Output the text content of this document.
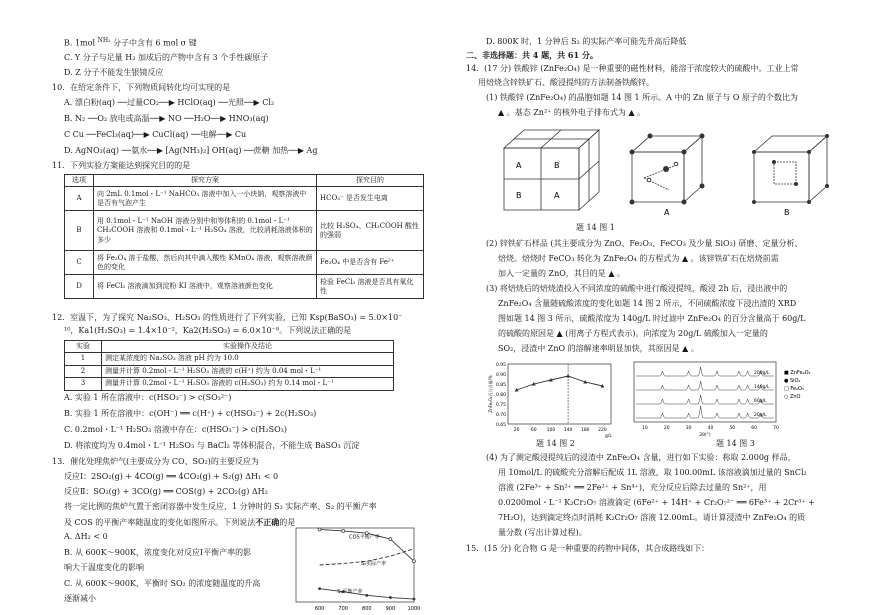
B. 1mol $^{NH_2}$ 分子中含有 6 mol σ 键
C. Y 分子与足量 H₂ 加成后的产物中含有 3 个手性碳原子
D. Z 分子不能发生银镜反应
10．在给定条件下，下列物质间转化均可实现的是
A. 漂白粉(aq) ──过量CO₂──▶ HClO(aq) ──光照──▶ Cl₂
B. N₂ ──O₂ 放电或高温──▶ NO ──H₂O──▶ HNO₃(aq)
C Cu ──FeCl₃(aq)──▶ CuCl(aq) ──电解──▶ Cu
D. AgNO₃(aq) ──氨水──▶ [Ag(NH₃)₂] OH(aq) ──蔗糖 加热──▶ Ag
11．下列实验方案能达到探究目的的是
选项	探究方案	探究目的
A	向 2mL 0.1mol・L⁻¹ NaHCO₃ 溶液中加入一小块钠，观察溶液中是否有气泡产生	HCO₃⁻ 是否发生电离
B	用 0.1mol・L⁻¹ NaOH 溶液分别中和等体积的 0.1mol・L⁻¹ CH₃COOH 溶液和 0.1mol・L⁻¹ H₂SO₄ 溶液，比较消耗溶液体积的多少	比较 H₂SO₄、CH₃COOH 酸性的强弱
C	将 Fe₃O₄ 溶于盐酸，然后向其中滴入酸性 KMnO₄ 溶液，观察溶液颜色的变化	Fe₃O₄ 中是否含有 Fe²⁺
D	将 FeCl₃ 溶液滴加到淀粉 KI 溶液中，观察溶液颜色变化	检验 FeCl₃ 溶液是否具有氧化性
12．室温下，为了探究 Na₂SO₃、H₂SO₃ 的性质进行了下列实验，已知 Ksp(BaSO₃) = 5.0×10⁻
¹⁰，Ka1(H₂SO₃) = 1.4×10⁻²，Ka2(H₂SO₃) = 6.0×10⁻⁸。下列说法正确的是
实验	实验操作及结论
1	测定某浓度的 Na₂SO₃ 溶液 pH 约为 10.0
2	测量并计算 0.2mol・L⁻¹ H₂SO₃ 溶液的 c(H⁺) 约为 0.04 mol・L⁻¹
3	测量并计算 0.2mol・L⁻¹ H₂SO₃ 溶液的 c(H₂SO₃) 约为 0.14 mol・L⁻¹
A. 实验 1 所在溶液中：c(HSO₃⁻) > c(SO₃²⁻)
B. 实验 1 所在溶液中：c(OH⁻) ══ c(H⁺) + c(HSO₃⁻) + 2c(H₂SO₃)
C. 0.2mol・L⁻¹ H₂SO₃ 溶液中存在：c(HSO₃⁻) > c(H₂SO₃)
D. 将浓度均为 0.4mol・L⁻¹ H₂SO₃ 与 BaCl₂ 等体积混合，不能生成 BaSO₃ 沉淀
13．催化处理焦炉气(主要成分为 CO、SO₂)的主要反应为
反应Ⅰ：2SO₂(g) + 4CO(g) ══ 4CO₂(g) + S₂(g) ΔH₁ < 0
反应Ⅱ：SO₂(g) + 3CO(g) ══ COS(g) + 2CO₂(g) ΔH₂
将一定比例的焦炉气置于密闭容器中发生反应，1 分钟时的 S₂ 实际产率、S₂ 的平衡产率
及 COS 的平衡产率随温度的变化如图所示。下列说法不正确的是
A. ΔH₂ < 0
B. 从 600K～900K，浓度变化对反应Ⅰ平衡产率的影
响大于温度变化的影响
C. 从 600K～900K，平衡时 SO₂ 的浓度随温度的升高
逐渐减小
600	700	800	900 1000
COS平衡产率
S₂实际产率
S₂平衡产率
D. 800K 时，1 分钟后 S₂ 的实际产率可能先升高后降低
二、非选择题：共 4 题，共 61 分。
14．(17 分) 铁酸锌 (ZnFe₂O₄) 是一种重要的磁性材料，能溶于浓度较大的硫酸中。工业上常
用焙烧含锌铁矿石、酸浸提纯的方法制备铁酸锌。
(1) 铁酸锌 (ZnFe₂O₄) 的晶胞如题 14 图 1 所示。A 中的 Zn 原子与 O 原子的个数比为
▲ 。基态 Zn²⁺ 的核外电子排布式为 ▲ 。
A	B
B	A
A	B
题 14 图 1
(2) 锌铁矿石样品 (其主要成分为 ZnO、Fe₂O₃、FeCO₃ 及少量 SiO₂) 研磨、定量分析、
焙烧。焙烧时 FeCO₃ 转化为 ZnFe₂O₄ 的方程式为 ▲ 。该锌铁矿石在焙烧前需
加入一定量的 ZnO，其目的是 ▲ 。
(3) 将焙烧后的焙烧渣投入不同浓度的硫酸中进行酸浸提纯，酸浸 2h 后，浸出液中的
ZnFe₂O₄ 含量随硫酸浓度的变化如题 14 图 2 所示，不同硫酸浓度下浸出渣的 XRD
图如题 14 图 3 所示，硫酸浓度为 140g/L 时过滤中 ZnFe₂O₄ 的百分含量高于 60g/L
的硫酸的原因是 ▲ (用离子方程式表示)。向浓度为 20g/L 硫酸加入一定量的
SO₂，浸渣中 ZnO 的溶解速率明显加快，其原因是 ▲ 。
0.65
0.70
0.75
0.80
0.85
0.90
0.95
20	60 100 140 180 220
g/L
ZnFe₂O₄百分含量/%
10	20	30	40	50	60	70
2θ(°)
200g/L
140g/L
60g/L
20g/L
■ ZnFe₂O₄
● SiO₂
□ Fe₂O₃
○ ZnO
题 14 图 2	题 14 图 3
(4) 为了测定酸浸提纯后的浸渣中 ZnFe₂O₄ 含量，进行如下实验：称取 2.000g 样品，
用 10mol/L 的硫酸充分溶解后配成 1L 溶液，取 100.00mL 该溶液滴加过量的 SnCl₂
溶液 (2Fe³⁺ + Sn²⁺ ══ 2Fe²⁺ + Sn⁴⁺)，充分反应后除去过量的 Sn²⁺，用
0.0200mol・L⁻¹ K₂Cr₂O₇ 溶液滴定 (6Fe²⁺ + 14H⁺ + Cr₂O₇²⁻ ══ 6Fe³⁺ + 2Cr³⁺ +
7H₂O)，达到滴定终点时消耗 K₂Cr₂O₇ 溶液 12.00mL。请计算浸渣中 ZnFe₂O₄ 的质
量分数 (写出计算过程)。
15．(15 分) 化合物 G 是一种重要的药物中间体，其合成路线如下：
